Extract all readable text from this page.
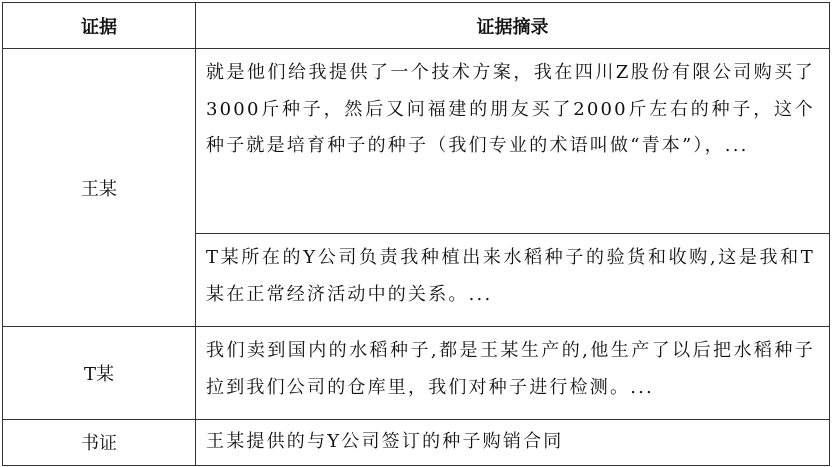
证据	证据摘录
王某	就是他们给我提供了一个技术方案，我在四川Z股份有限公司购买了3000斤种子，然后又问福建的朋友买了2000斤左右的种子，这个种子就是培育种子的种子（我们专业的术语叫做“青本”），...
	T某所在的Y公司负责我种植出来水稻种子的验货和收购,这是我和T某在正常经济活动中的关系。...
T某	我们卖到国内的水稻种子,都是王某生产的,他生产了以后把水稻种子拉到我们公司的仓库里，我们对种子进行检测。...
书证	王某提供的与Y公司签订的种子购销合同
